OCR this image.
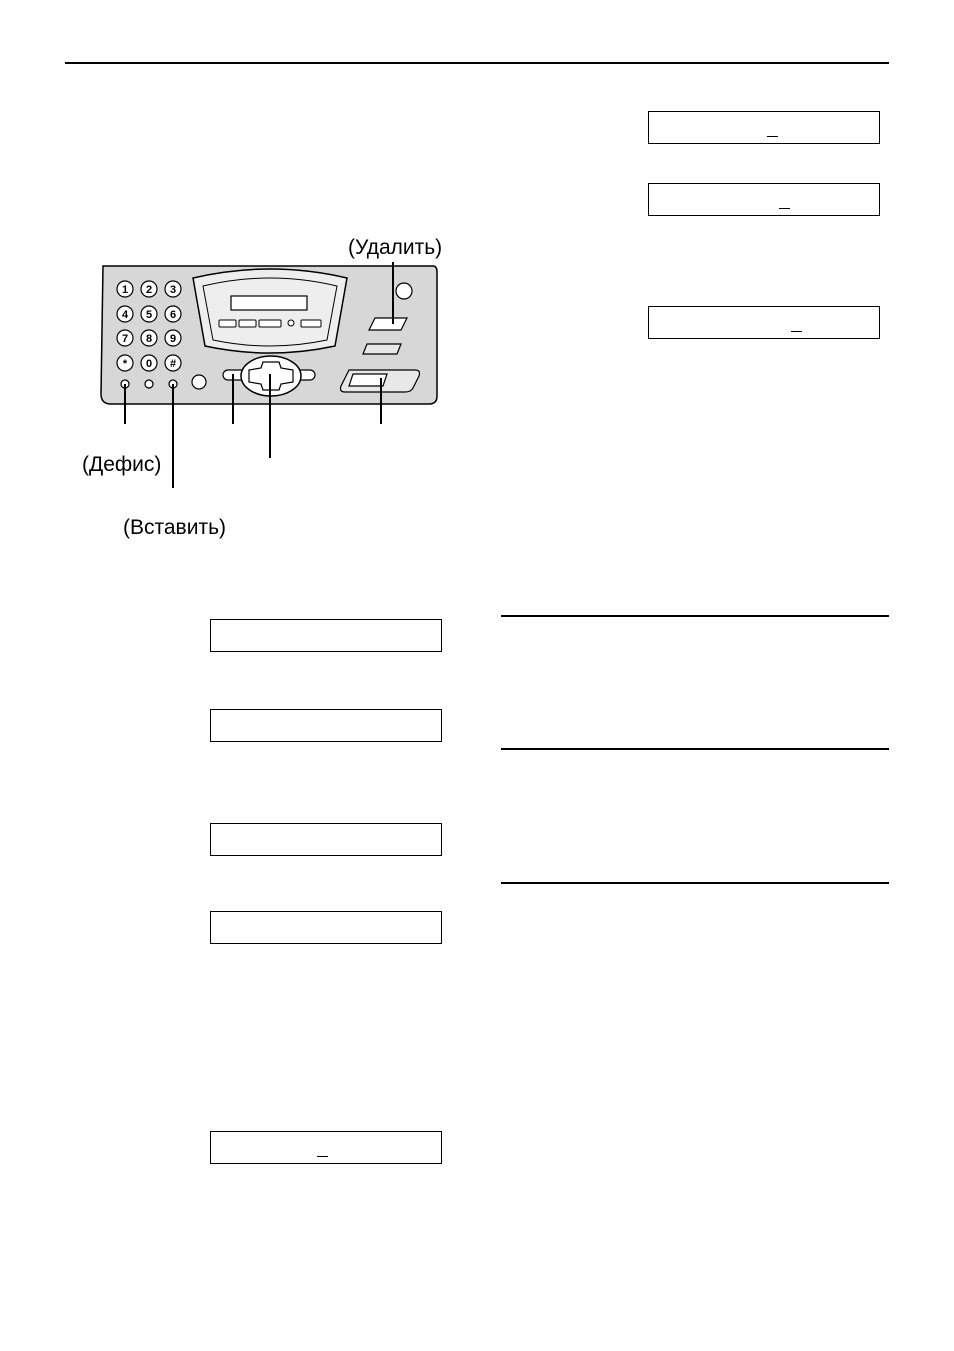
(Удалить)
1 2 3
4 5 6
7 8 9
* 0 #
(Дефис)
(Вставить)
